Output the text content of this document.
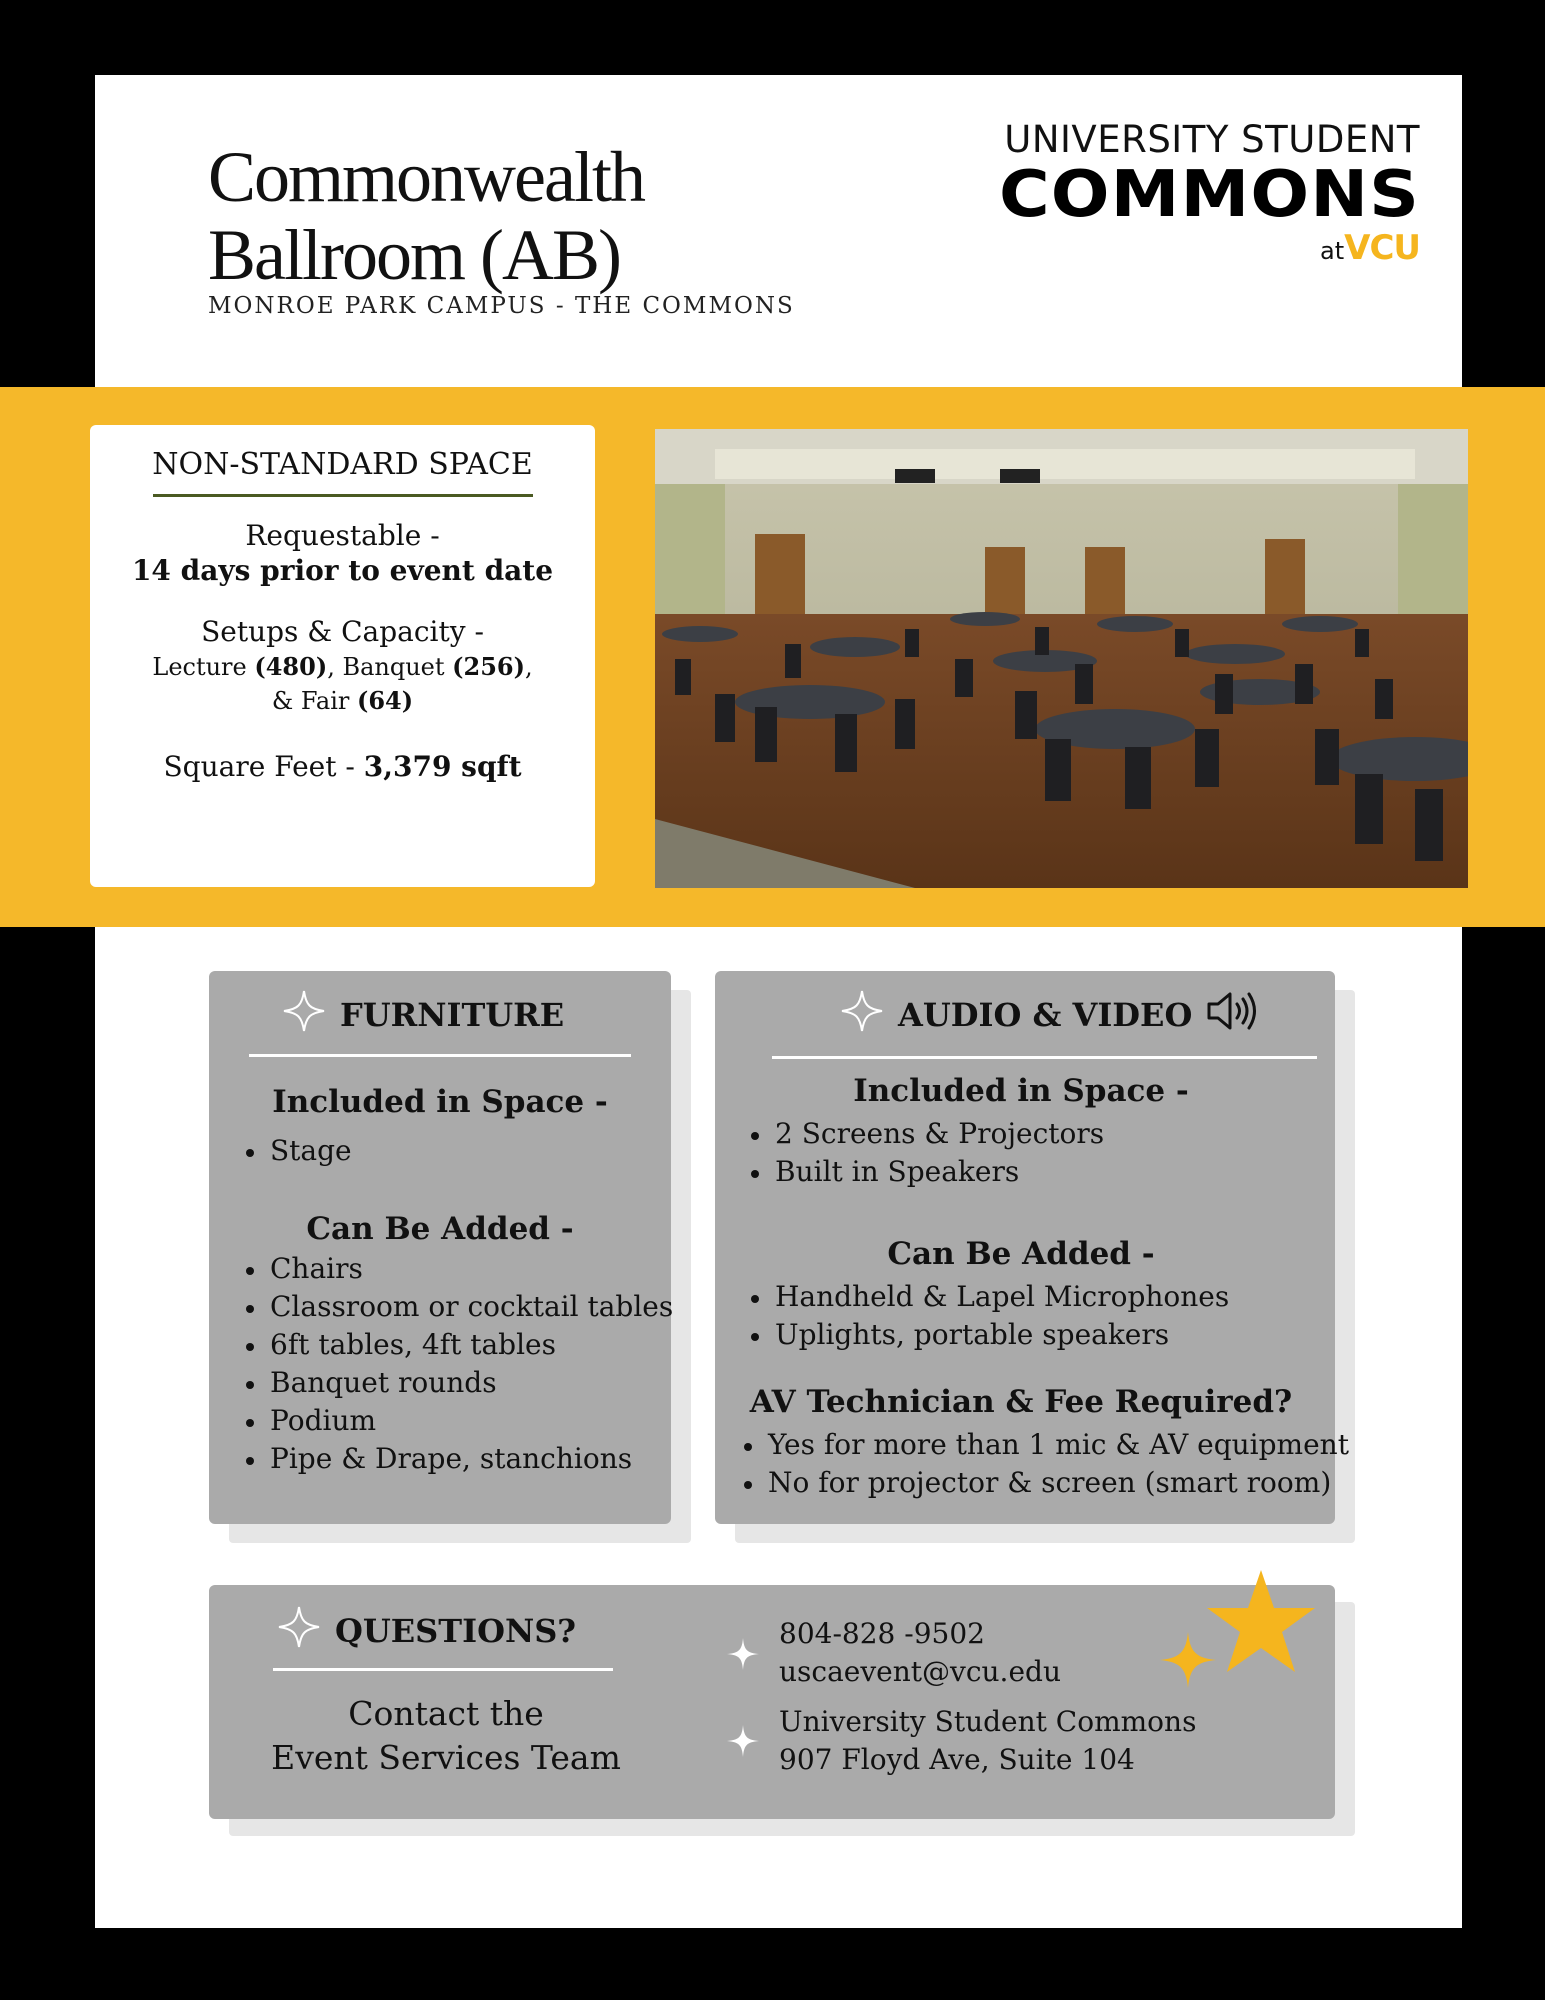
Commonwealth
Ballroom (AB)
MONROE PARK CAMPUS - THE COMMONS
UNIVERSITY STUDENT
COMMONS
atVCU
NON-STANDARD SPACE
Requestable -
14 days prior to event date
Setups & Capacity -
Lecture (480), Banquet (256),
& Fair (64)
Square Feet - 3,379 sqft
FURNITURE
Included in Space -
Stage
Can Be Added -
Chairs
Classroom or cocktail tables
6ft tables, 4ft tables
Banquet rounds
Podium
Pipe & Drape, stanchions
AUDIO & VIDEO
Included in Space -
2 Screens & Projectors
Built in Speakers
Can Be Added -
Handheld & Lapel Microphones
Uplights, portable speakers
AV Technician & Fee Required?
Yes for more than 1 mic & AV equipment
No for projector & screen (smart room)
QUESTIONS?
Contact the
Event Services Team
804-828 -9502
uscaevent@vcu.edu
University Student Commons
907 Floyd Ave, Suite 104
